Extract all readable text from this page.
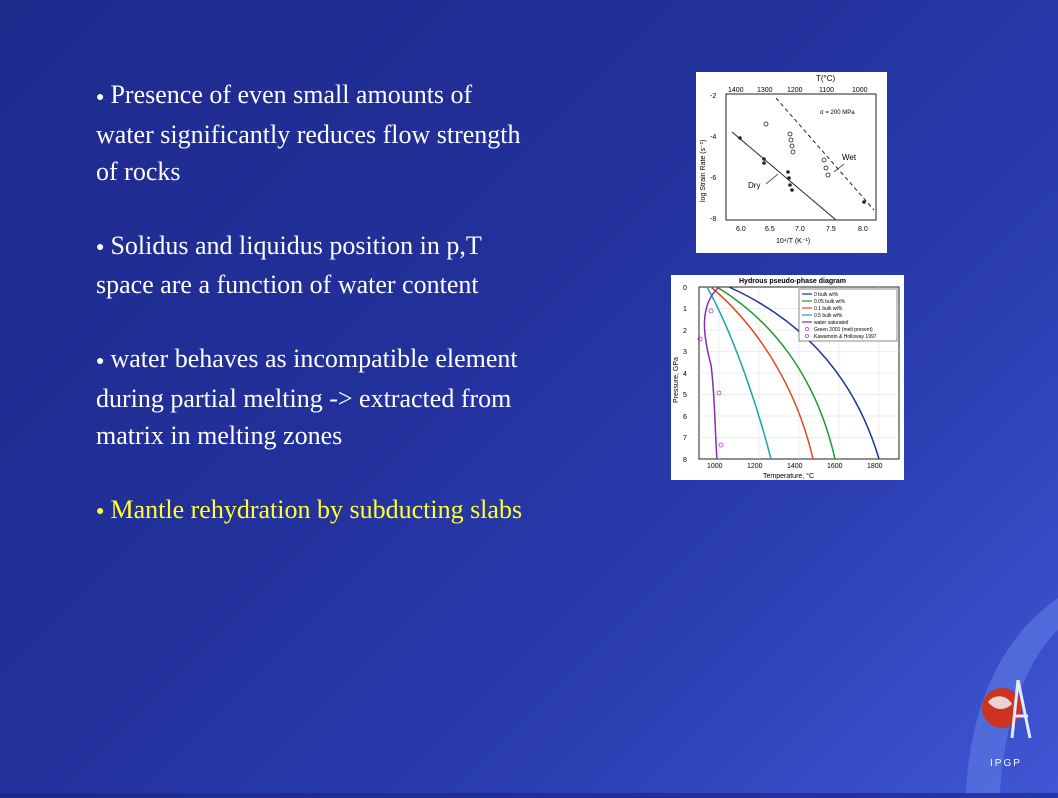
● Presence of even small amounts of water significantly reduces flow strength of rocks
● Solidus and liquidus position in p,T space are a function of water content
● water behaves as incompatible element during partial melting -> extracted from matrix in melting zones
● Mantle rehydration by subducting slabs
T(°C)
1400 1300 1200 1100	1000
-2
-4
-6
-8
log Strain Rate (s⁻¹)
6.0	6.5	7.0	7.5	8.0
10⁴/T (K⁻¹)
σ = 200 MPa
Dry
Wet
Hydrous pseudo-phase diagram
0
1
2
3
4
5
6
7
8
Pressure, GPa
1000	1200	1400	1600	1800
Temperature, °C
0 bulk wt%
0.05 bulk wt%
0.1 bulk wt%
0.5 bulk wt%
water saturated
Green 2001 (melt present)
Kawamoto & Holloway 1997
IPGP
